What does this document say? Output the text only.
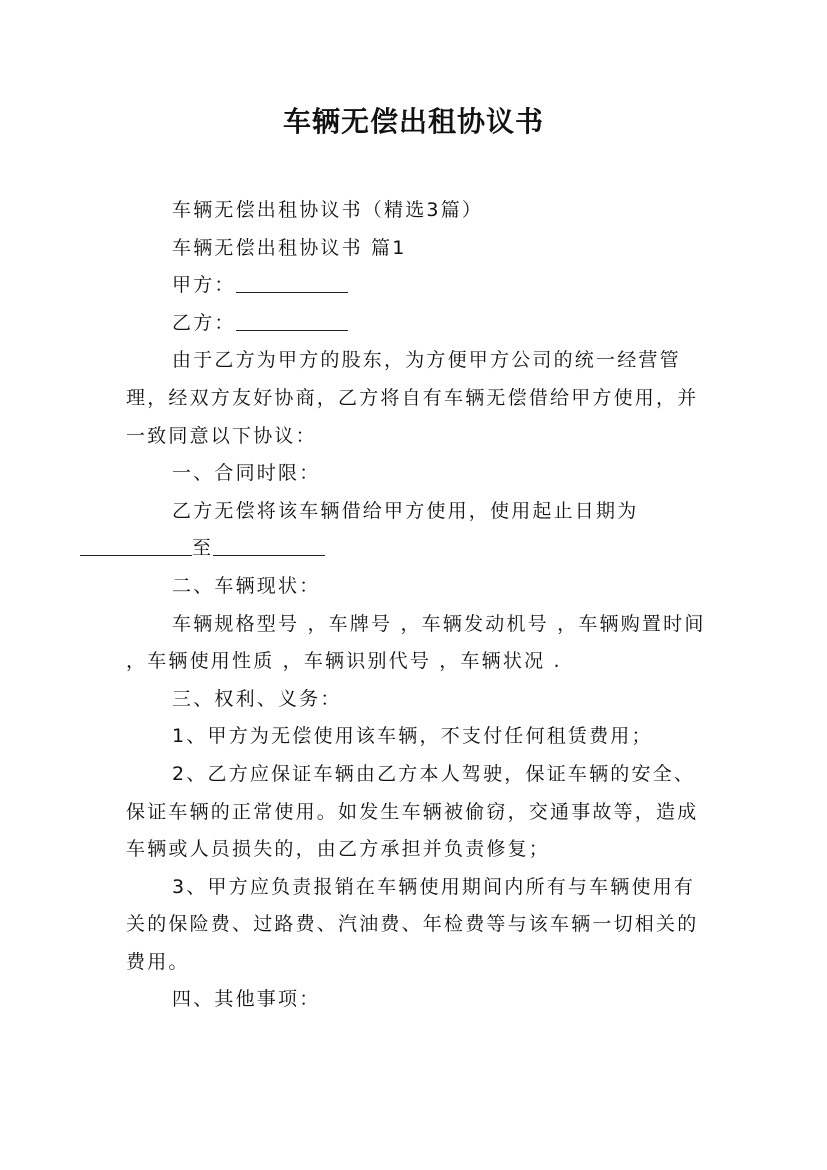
车辆无偿出租协议书

车辆无偿出租协议书（精选3篇）

车辆无偿出租协议书 篇1

甲方：

乙方：

由于乙方为甲方的股东，为方便甲方公司的统一经营管理，经双方友好协商，乙方将自有车辆无偿借给甲方使用，并一致同意以下协议：

一、合同时限：

乙方无偿将该车辆借给甲方使用，使用起止日期为
至

二、车辆现状：

车辆规格型号 ，车牌号 ，车辆发动机号 ，车辆购置时间 ，车辆使用性质 ，车辆识别代号 ，车辆状况 .

三、权利、义务：

1、甲方为无偿使用该车辆，不支付任何租赁费用；

2、乙方应保证车辆由乙方本人驾驶，保证车辆的安全、保证车辆的正常使用。如发生车辆被偷窃，交通事故等，造成车辆或人员损失的，由乙方承担并负责修复；

3、甲方应负责报销在车辆使用期间内所有与车辆使用有关的保险费、过路费、汽油费、年检费等与该车辆一切相关的费用。

四、其他事项：
